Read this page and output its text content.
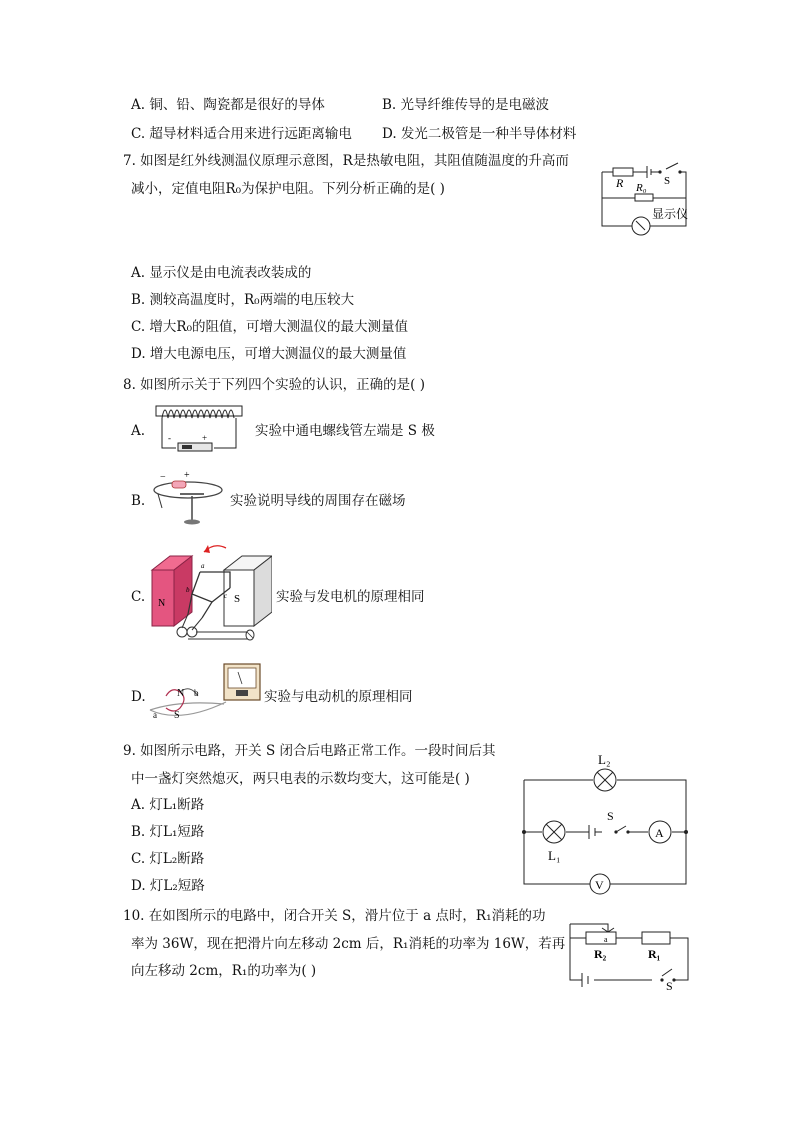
A. 铜、铅、陶瓷都是很好的导体	B. 光导纤维传导的是电磁波
C. 超导材料适合用来进行远距离输电 D. 发光二极管是一种半导体材料
7. 如图是红外线测温仪原理示意图，R是热敏电阻，其阻值随温度的升高而
减小，定值电阻R₀为保护电阻。下列分析正确的是( )	R R₀
S
显示仪
A. 显示仪是由电流表改装成的
B. 测较高温度时，R₀两端的电压较大
C. 增大R₀的阻值，可增大测温仪的最大测量值
D. 增大电源电压，可增大测温仪的最大测量值
8. 如图所示关于下列四个实验的认识，正确的是( )
A.	-	+	实验中通电螺线管左端是 S 极
B.
− +
实验说明导线的周围存在磁场
C. N	S
a
b
c	实验与发电机的原理相同
D.	N
S
a
b	实验与电动机的原理相同
9. 如图所示电路，开关 S 闭合后电路正常工作。一段时间后其
中一盏灯突然熄灭，两只电表的示数均变大，这可能是( )
A. 灯L₁断路
B. 灯L₁短路
C. 灯L₂断路
D. 灯L₂短路
L₂
L₁
S
A
V
10. 在如图所示的电路中，闭合开关 S，滑片位于 a 点时，R₁消耗的功
率为 36W，现在把滑片向左移动 2cm 后，R₁消耗的功率为 16W，若再
向左移动 2cm，R₁的功率为( )
a
R₂	R₁
S
